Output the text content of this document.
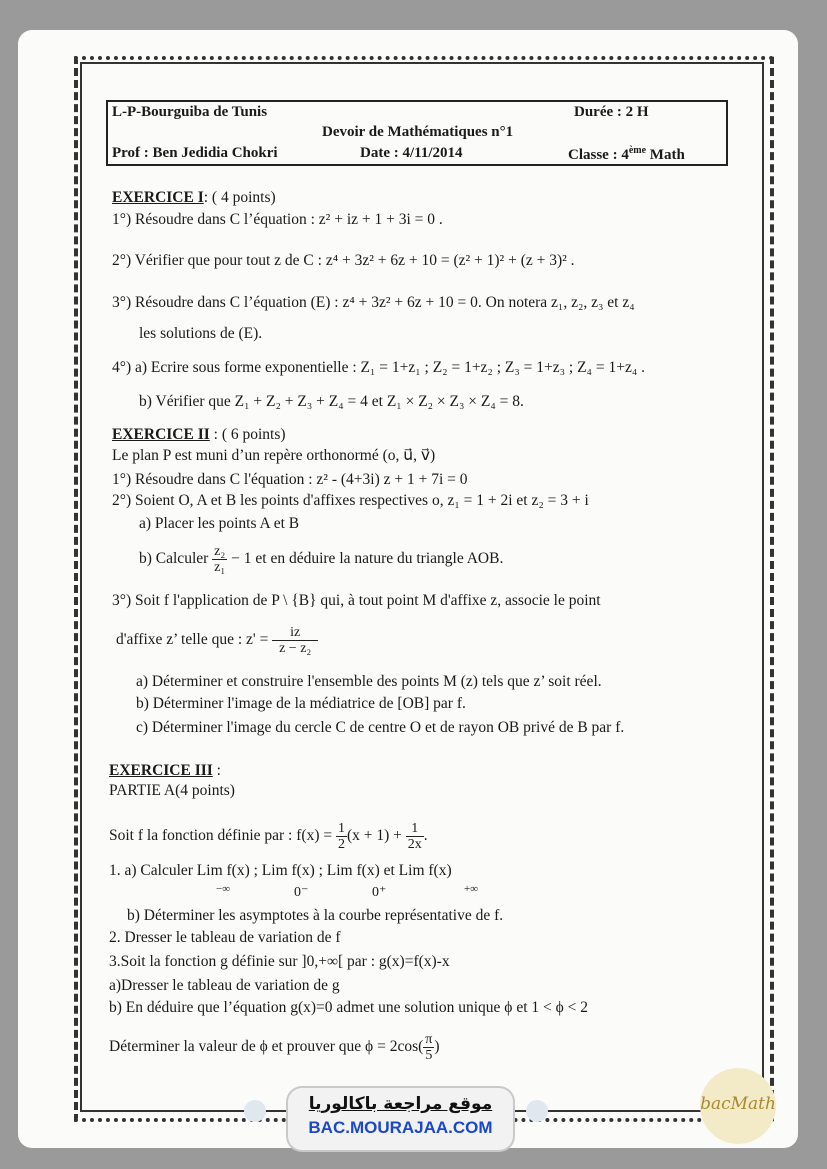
L-P-Bourguiba de Tunis	Durée : 2 H
Devoir de Mathématiques n°1
Prof : Ben Jedidia Chokri	Date : 4/11/2014	Classe : 4ème Math
EXERCICE I: ( 4 points)
1°) Résoudre dans C l’équation : z² + iz + 1 + 3i = 0 .
2°) Vérifier que pour tout z de C : z⁴ + 3z² + 6z + 10 = (z² + 1)² + (z + 3)² .
3°) Résoudre dans C l’équation (E) : z⁴ + 3z² + 6z + 10 = 0. On notera z₁, z₂, z₃ et z₄
les solutions de (E).
4°) a) Ecrire sous forme exponentielle : Z₁ = 1+z₁ ; Z₂ = 1+z₂ ; Z₃ = 1+z₃ ; Z₄ = 1+z₄ .
b) Vérifier que Z₁ + Z₂ + Z₃ + Z₄ = 4 et Z₁ × Z₂ × Z₃ × Z₄ = 8.
EXERCICE II : ( 6 points)
Le plan P est muni d’un repère orthonormé (o, u⃗, v⃗)
1°) Résoudre dans C l'équation : z² - (4+3i) z + 1 + 7i = 0
2°) Soient O, A et B les points d'affixes respectives o, z₁ = 1 + 2i et z₂ = 3 + i
a) Placer les points A et B
b) Calculer $\frac{\text{z₂}}{\text{z₁}} - 1$ et en déduire la nature du triangle AOB.
3°) Soit f l'application de P \ {B} qui, à tout point M d'affixe z, associe le point
d'affixe z’ telle que : $z' = \frac{iz}{\text{z − z₂}}$
a) Déterminer et construire l'ensemble des points M (z) tels que z’ soit réel.
b) Déterminer l'image de la médiatrice de [OB] par f.
c) Déterminer l'image du cercle C de centre O et de rayon OB privé de B par f.
EXERCICE III :
PARTIE A(4 points)
Soit f la fonction définie par : $f(x) = \frac{1}{2} (x + 1) + \frac{1}{2x}$ .
1. a) Calculer Lim f(x) ; Lim f(x) ; Lim f(x) et Lim f(x)
−∞	0⁻	0⁺	+∞
b) Déterminer les asymptotes à la courbe représentative de f.
2. Dresser le tableau de variation de f
3.Soit la fonction g définie sur ]0,+∞[ par : g(x)=f(x)-x
a)Dresser le tableau de variation de g
b) En déduire que l’équation g(x)=0 admet une solution unique ϕ et 1 < ϕ < 2
Déterminer la valeur de ϕ et prouver que $\phi = 2\cos( \frac{\pi}{5}$ )
موقع مراجعة باكالوريا
BAC.MOURAJAA.COM
bacMath
